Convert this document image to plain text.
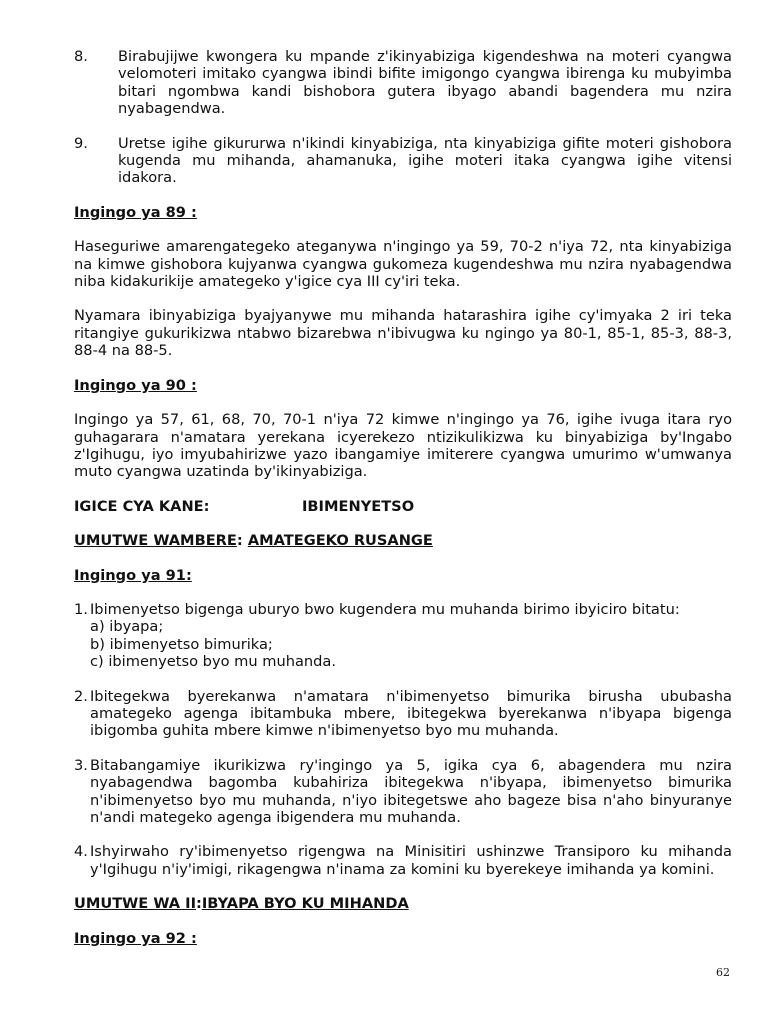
8.	Birabujijwe kwongera ku mpande z'ikinyabiziga kigendeshwa na moteri cyangwa velomoteri imitako cyangwa ibindi bifite imigongo cyangwa ibirenga ku mubyimba bitari ngombwa kandi bishobora gutera ibyago abandi bagendera mu nzira nyabagendwa.
9.	Uretse igihe gikururwa n'ikindi kinyabiziga, nta kinyabiziga gifite moteri gishobora kugenda mu mihanda, ahamanuka, igihe moteri itaka cyangwa igihe vitensi idakora.
Ingingo ya 89 :

Haseguriwe amarengategeko ateganywa n'ingingo ya 59, 70-2 n'iya 72, nta kinyabiziga na kimwe gishobora kujyanwa cyangwa gukomeza kugendeshwa mu nzira nyabagendwa niba kidakurikije amategeko y'igice cya III cy'iri teka.

Nyamara ibinyabiziga byajyanywe mu mihanda hatarashira igihe cy'imyaka 2 iri teka ritangiye gukurikizwa ntabwo bizarebwa n'ibivugwa ku ngingo ya 80-1, 85-1, 85-3, 88-3, 88-4 na 88-5.

Ingingo ya 90 :

Ingingo ya 57, 61, 68, 70, 70-1 n'iya 72 kimwe n'ingingo ya 76, igihe ivuga itara ryo guhagarara n'amatara yerekana icyerekezo ntizikulikizwa ku binyabiziga by'Ingabo z'Igihugu, iyo imyubahirizwe yazo ibangamiye imiterere cyangwa umurimo w'umwanya muto cyangwa uzatinda by'ikinyabiziga.

IGICE CYA KANE:	IBIMENYETSO
UMUTWE WAMBERE: AMATEGEKO RUSANGE
Ingingo ya 91:
1. Ibimenyetso bigenga uburyo bwo kugendera mu muhanda birimo ibyiciro bitatu:
a) ibyapa;
b) ibimenyetso bimurika;
c) ibimenyetso byo mu muhanda.
2. Ibitegekwa byerekanwa n'amatara n'ibimenyetso bimurika birusha ububasha amategeko agenga ibitambuka mbere, ibitegekwa byerekanwa n'ibyapa bigenga ibigomba guhita mbere kimwe n'ibimenyetso byo mu muhanda.
3. Bitabangamiye ikurikizwa ry'ingingo ya 5, igika cya 6, abagendera mu nzira nyabagendwa bagomba kubahiriza ibitegekwa n'ibyapa, ibimenyetso bimurika n'ibimenyetso byo mu muhanda, n'iyo ibitegetswe aho bageze bisa n'aho binyuranye n'andi mategeko agenga ibigendera mu muhanda.
4. Ishyirwaho ry'ibimenyetso rigengwa na Minisitiri ushinzwe Transiporo ku mihanda y'Igihugu n'iy'imigi, rikagengwa n'inama za komini ku byerekeye imihanda ya komini.
UMUTWE WA II:IBYAPA BYO KU MIHANDA
Ingingo ya 92 :
62
